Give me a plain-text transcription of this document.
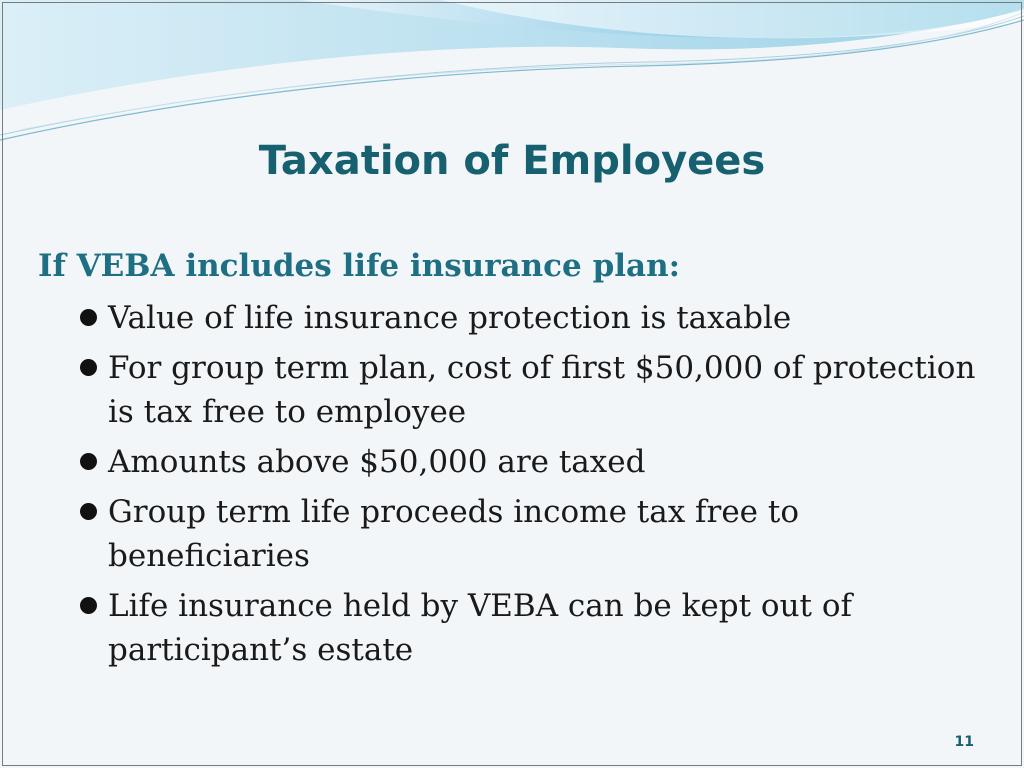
Taxation of Employees
If VEBA includes life insurance plan:
Value of life insurance protection is taxable
For group term plan, cost of first $50,000 of protection is tax free to employee
Amounts above $50,000 are taxed
Group term life proceeds income tax free to beneficiaries
Life insurance held by VEBA can be kept out of participant’s estate
11
